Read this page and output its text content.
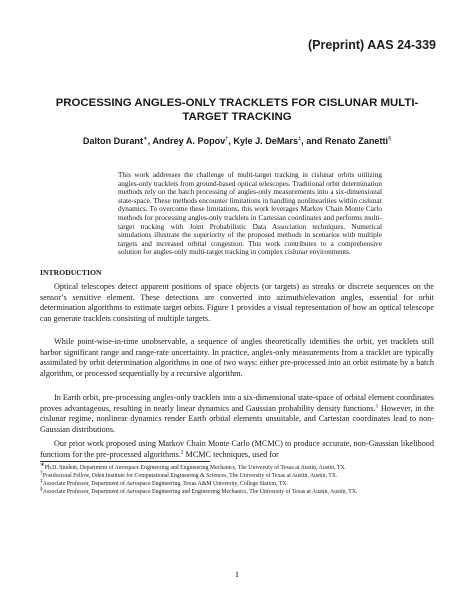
(Preprint) AAS 24-339
PROCESSING ANGLES-ONLY TRACKLETS FOR CISLUNAR MULTI-TARGET TRACKING
Dalton Durant∗, Andrey A. Popov†, Kyle J. DeMars‡, and Renato Zanetti§
This work addresses the challenge of multi-target tracking in cislunar orbits utilizing angles-only tracklets from ground-based optical telescopes. Traditional orbit determination methods rely on the batch processing of angles-only measurements into a six-dimensional state-space. These methods encounter limitations in handling nonlinearities within cislunar dynamics. To overcome these limitations, this work leverages Markov Chain Monte Carlo methods for processing angles-only tracklets in Cartesian coordinates and performs multi-target tracking with Joint Probabilistic Data Association techniques. Numerical simulations illustrate the superiority of the proposed methods in scenarios with multiple targets and increased orbital congestion. This work contributes to a comprehensive solution for angles-only multi-target tracking in complex cislunar environments.
INTRODUCTION

Optical telescopes detect apparent positions of space objects (or targets) as streaks or discrete sequences on the sensor’s sensitive element. These detections are converted into azimuth/elevation angles, essential for orbit determination algorithms to estimate target orbits. Figure 1 provides a visual representation of how an optical telescope can generate tracklets consisting of multiple targets.

While point-wise-in-time unobservable, a sequence of angles theoretically identifies the orbit, yet tracklets still harbor significant range and range-rate uncertainty. In practice, angles-only measurements from a tracklet are typically assimilated by orbit determination algorithms in one of two ways: either pre-processed into an orbit estimate by a batch algorithm, or processed sequentially by a recursive algorithm.

In Earth orbit, pre-processing angles-only tracklets into a six-dimensional state-space of orbital element coordinates proves advantageous, resulting in nearly linear dynamics and Gaussian probability density functions.$^1$ However, in the cislunar regime, nonlinear dynamics render Earth orbital elements unsuitable, and Cartesian coordinates lead to non-Gaussian distributions.

Our prior work proposed using Markov Chain Monte Carlo (MCMC) to produce accurate, non-Gaussian likelihood functions for the pre-processed algorithms.$^2$ MCMC techniques, used for

∗Ph.D. Student, Department of Aerospace Engineering and Engineering Mechanics, The University of Texas at Austin, Austin, TX.

†Postdoctoral Fellow, Oden Institute for Computational Engineering & Sciences, The University of Texas at Austin, Austin, TX.

‡Associate Professor, Department of Aerospace Engineering, Texas A&M University, College Station, TX.

§Associate Professor, Department of Aerospace Engineering and Engineering Mechanics, The University of Texas at Austin, Austin, TX.

1
